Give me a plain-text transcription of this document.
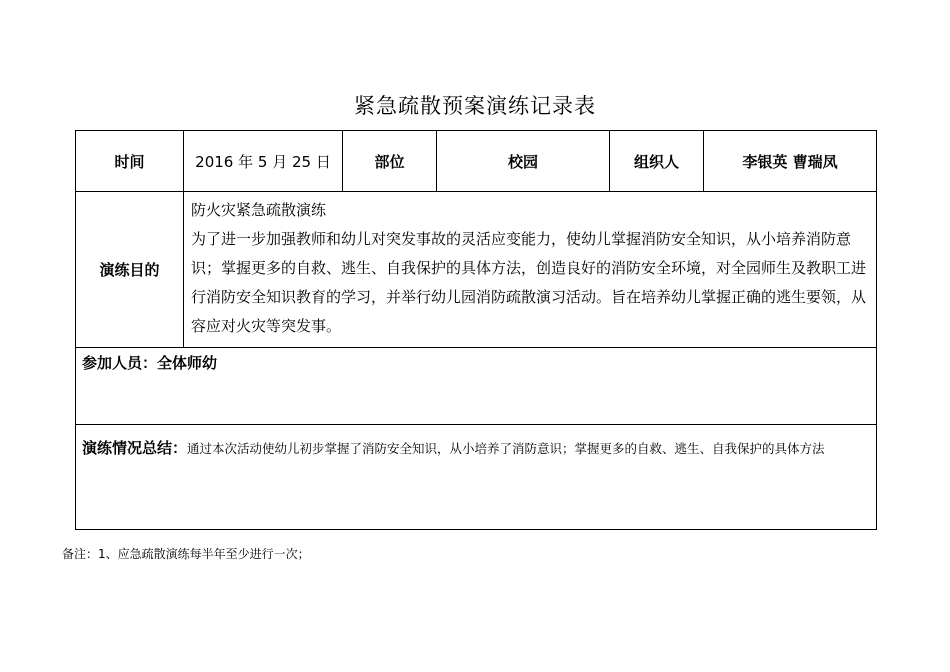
紧急疏散预案演练记录表
时间	2016 年 5 月 25 日	部位	校园	组织人	李银英 曹瑞凤
演练目的	防火灾紧急疏散演练
为了进一步加强教师和幼儿对突发事故的灵活应变能力，使幼儿掌握消防安全知识，从小培养消防意识；掌握更多的自救、逃生、自我保护的具体方法，创造良好的消防安全环境，对全园师生及教职工进行消防安全知识教育的学习，并举行幼儿园消防疏散演习活动。旨在培养幼儿掌握正确的逃生要领，从容应对火灾等突发事。				

参加人员：全体师幼					
演练情况总结：通过本次活动使幼儿初步掌握了消防安全知识，从小培养了消防意识；掌握更多的自救、逃生、自我保护的具体方法					
备注：1、应急疏散演练每半年至少进行一次；
